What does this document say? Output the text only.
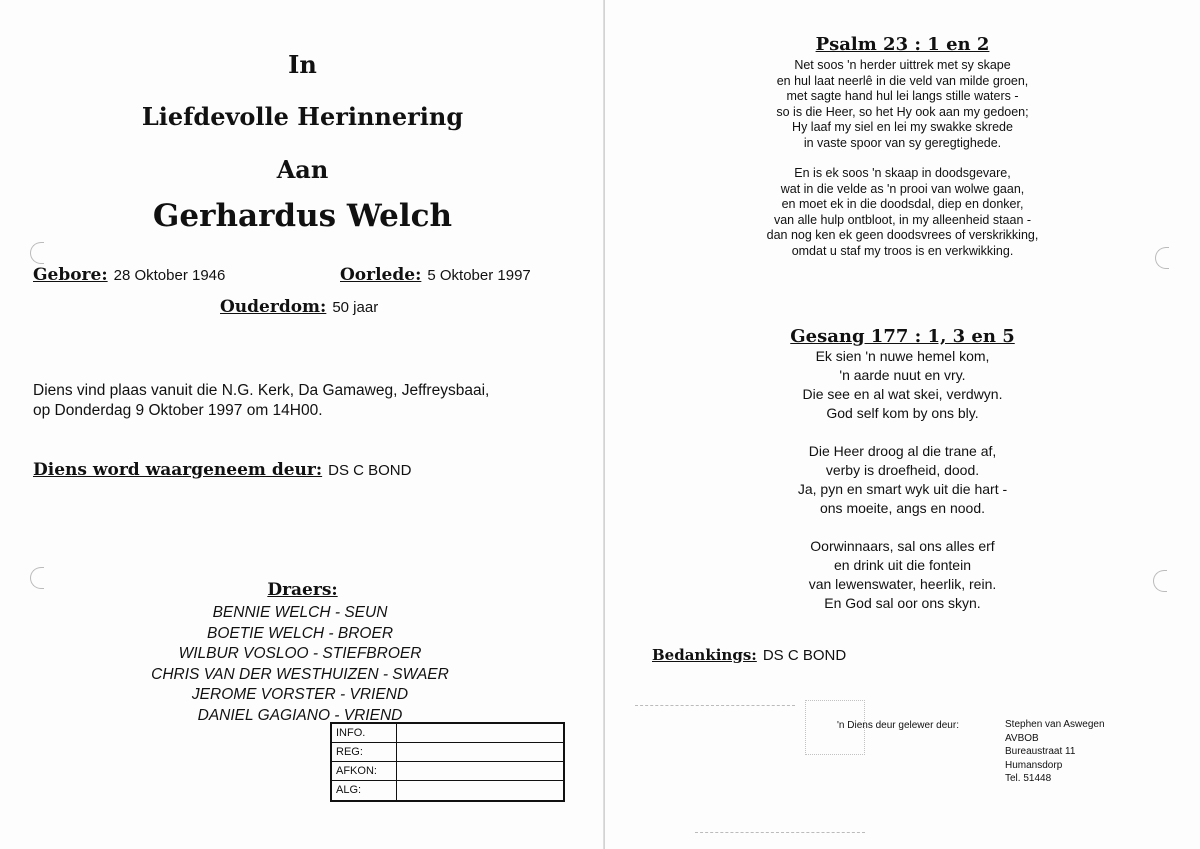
In
Liefdevolle Herinnering
Aan
Gerhardus Welch
Gebore: 28 Oktober 1946	Oorlede: 5 Oktober 1997
Ouderdom: 50 jaar
Diens vind plaas vanuit die N.G. Kerk, Da Gamaweg, Jeffreysbaai,
op Donderdag 9 Oktober 1997 om 14H00.
Diens word waargeneem deur: DS C BOND
Draers:
BENNIE WELCH - SEUN
BOETIE WELCH - BROER
WILBUR VOSLOO - STIEFBROER
CHRIS VAN DER WESTHUIZEN - SWAER
JEROME VORSTER - VRIEND
DANIEL GAGIANO - VRIEND
INFO.
REG:
AFKON:
ALG:
Psalm 23 : 1 en 2
Net soos 'n herder uittrek met sy skape
en hul laat neerlê in die veld van milde groen,
met sagte hand hul lei langs stille waters -
so is die Heer, so het Hy ook aan my gedoen;
Hy laaf my siel en lei my swakke skrede
in vaste spoor van sy geregtighede.
En is ek soos 'n skaap in doodsgevare,
wat in die velde as 'n prooi van wolwe gaan,
en moet ek in die doodsdal, diep en donker,
van alle hulp ontbloot, in my alleenheid staan -
dan nog ken ek geen doodsvrees of verskrikking,
omdat u staf my troos is en verkwikking.
Gesang 177 : 1, 3 en 5
Ek sien 'n nuwe hemel kom,
'n aarde nuut en vry.
Die see en al wat skei, verdwyn.
God self kom by ons bly.
Die Heer droog al die trane af,
verby is droefheid, dood.
Ja, pyn en smart wyk uit die hart -
ons moeite, angs en nood.
Oorwinnaars, sal ons alles erf
en drink uit die fontein
van lewenswater, heerlik, rein.
En God sal oor ons skyn.
Bedankings: DS C BOND
'n Diens deur gelewer deur:	Stephen van Aswegen
AVBOB
Bureaustraat 11
Humansdorp
Tel. 51448
